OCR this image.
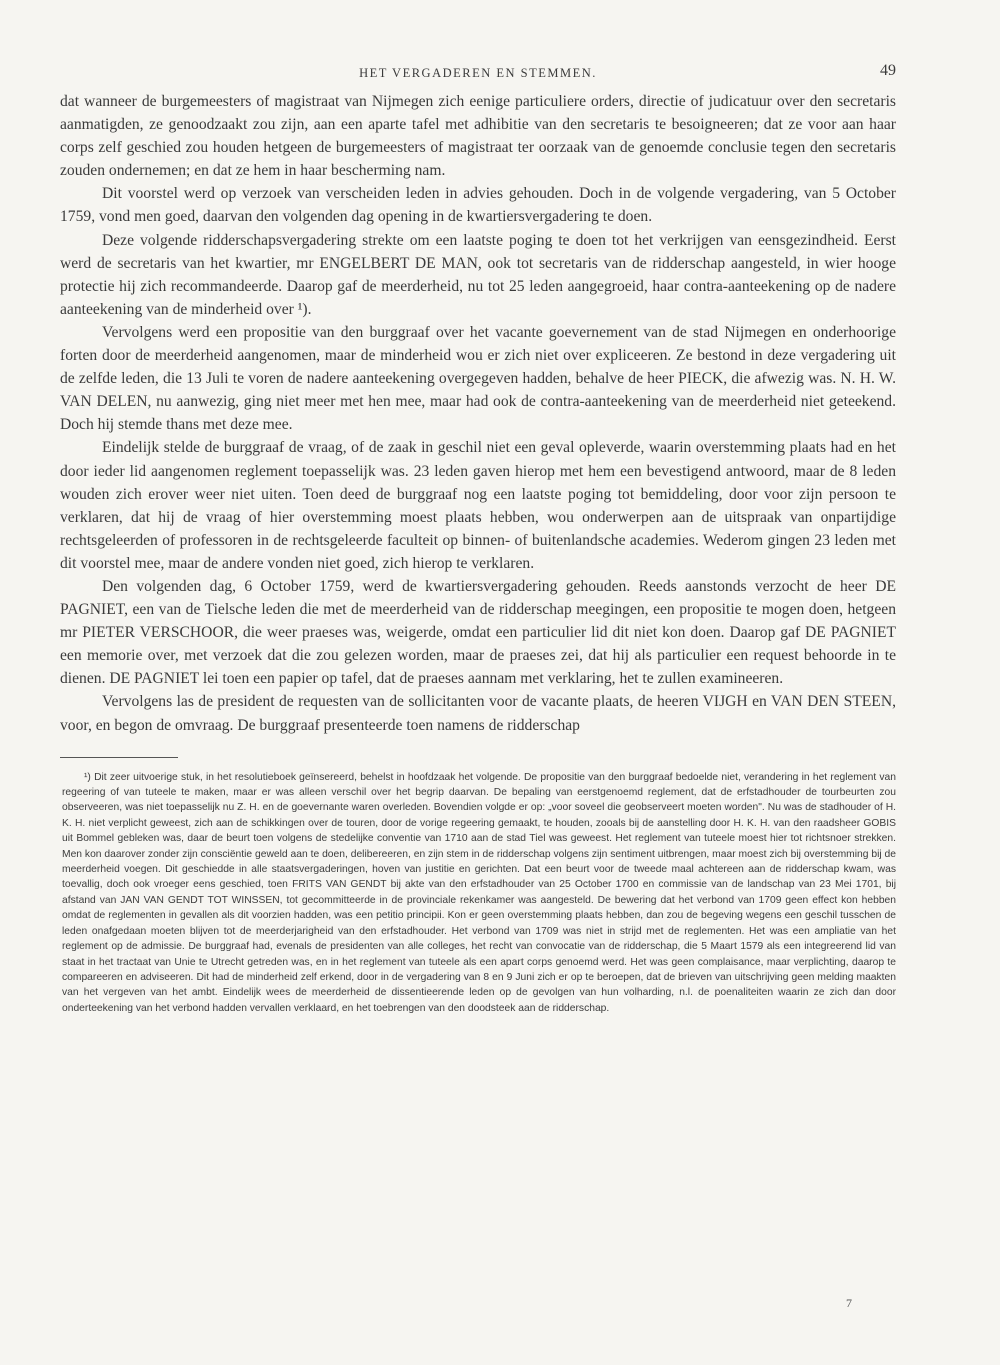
HET VERGADEREN EN STEMMEN.	49

dat wanneer de burgemeesters of magistraat van Nijmegen zich eenige particuliere orders, directie of judicatuur over den secretaris aanmatigden, ze genoodzaakt zou zijn, aan een aparte tafel met adhibitie van den secretaris te besoigneeren; dat ze voor aan haar corps zelf geschied zou houden hetgeen de burgemeesters of magistraat ter oorzaak van de genoemde conclusie tegen den secretaris zouden ondernemen; en dat ze hem in haar bescherming nam.

Dit voorstel werd op verzoek van verscheiden leden in advies gehouden. Doch in de volgende vergadering, van 5 October 1759, vond men goed, daarvan den volgenden dag opening in de kwartiersvergadering te doen.

Deze volgende ridderschapsvergadering strekte om een laatste poging te doen tot het verkrijgen van eensgezindheid. Eerst werd de secretaris van het kwartier, mr ENGELBERT DE MAN, ook tot secretaris van de ridderschap aangesteld, in wier hooge protectie hij zich recommandeerde. Daarop gaf de meerderheid, nu tot 25 leden aangegroeid, haar contra-aanteekening op de nadere aanteekening van de minderheid over ¹).

Vervolgens werd een propositie van den burggraaf over het vacante goevernement van de stad Nijmegen en onderhoorige forten door de meerderheid aangenomen, maar de minderheid wou er zich niet over expliceeren. Ze bestond in deze vergadering uit de zelfde leden, die 13 Juli te voren de nadere aanteekening overgegeven hadden, behalve de heer PIECK, die afwezig was. N. H. W. VAN DELEN, nu aanwezig, ging niet meer met hen mee, maar had ook de contra-aanteekening van de meerderheid niet geteekend. Doch hij stemde thans met deze mee.

Eindelijk stelde de burggraaf de vraag, of de zaak in geschil niet een geval opleverde, waarin overstemming plaats had en het door ieder lid aangenomen reglement toepasselijk was. 23 leden gaven hierop met hem een bevestigend antwoord, maar de 8 leden wouden zich erover weer niet uiten. Toen deed de burggraaf nog een laatste poging tot bemiddeling, door voor zijn persoon te verklaren, dat hij de vraag of hier overstemming moest plaats hebben, wou onderwerpen aan de uitspraak van onpartijdige rechtsgeleerden of professoren in de rechtsgeleerde faculteit op binnen- of buitenlandsche academies. Wederom gingen 23 leden met dit voorstel mee, maar de andere vonden niet goed, zich hierop te verklaren.

Den volgenden dag, 6 October 1759, werd de kwartiersvergadering gehouden. Reeds aanstonds verzocht de heer DE PAGNIET, een van de Tielsche leden die met de meerderheid van de ridderschap meegingen, een propositie te mogen doen, hetgeen mr PIETER VERSCHOOR, die weer praeses was, weigerde, omdat een particulier lid dit niet kon doen. Daarop gaf DE PAGNIET een memorie over, met verzoek dat die zou gelezen worden, maar de praeses zei, dat hij als particulier een request behoorde in te dienen. DE PAGNIET lei toen een papier op tafel, dat de praeses aannam met verklaring, het te zullen examineeren.

Vervolgens las de president de requesten van de sollicitanten voor de vacante plaats, de heeren VIJGH en VAN DEN STEEN, voor, en begon de omvraag. De burggraaf presenteerde toen namens de ridderschap

¹) Dit zeer uitvoerige stuk, in het resolutieboek geïnsereerd, behelst in hoofdzaak het volgende. De propositie van den burggraaf bedoelde niet, verandering in het reglement van regeering of van tuteele te maken, maar er was alleen verschil over het begrip daarvan. De bepaling van eerstgenoemd reglement, dat de erfstadhouder de tourbeurten zou observeeren, was niet toepasselijk nu Z. H. en de goevernante waren overleden. Bovendien volgde er op: „voor soveel die geobserveert moeten worden". Nu was de stadhouder of H. K. H. niet verplicht geweest, zich aan de schikkingen over de touren, door de vorige regeering gemaakt, te houden, zooals bij de aanstelling door H. K. H. van den raadsheer GOBIS uit Bommel gebleken was, daar de beurt toen volgens de stedelijke conventie van 1710 aan de stad Tiel was geweest. Het reglement van tuteele moest hier tot richtsnoer strekken. Men kon daarover zonder zijn consciëntie geweld aan te doen, delibereeren, en zijn stem in de ridderschap volgens zijn sentiment uitbrengen, maar moest zich bij overstemming bij de meerderheid voegen. Dit geschiedde in alle staatsvergaderingen, hoven van justitie en gerichten. Dat een beurt voor de tweede maal achtereen aan de ridderschap kwam, was toevallig, doch ook vroeger eens geschied, toen FRITS VAN GENDT bij akte van den erfstadhouder van 25 October 1700 en commissie van de landschap van 23 Mei 1701, bij afstand van JAN VAN GENDT TOT WINSSEN, tot gecommitteerde in de provinciale rekenkamer was aangesteld. De bewering dat het verbond van 1709 geen effect kon hebben omdat de reglementen in gevallen als dit voorzien hadden, was een petitio principii. Kon er geen overstemming plaats hebben, dan zou de begeving wegens een geschil tusschen de leden onafgedaan moeten blijven tot de meerderjarigheid van den erfstadhouder. Het verbond van 1709 was niet in strijd met de reglementen. Het was een ampliatie van het reglement op de admissie. De burggraaf had, evenals de presidenten van alle colleges, het recht van convocatie van de ridderschap, die 5 Maart 1579 als een integreerend lid van staat in het tractaat van Unie te Utrecht getreden was, en in het reglement van tuteele als een apart corps genoemd werd. Het was geen complaisance, maar verplichting, daarop te compareeren en adviseeren. Dit had de minderheid zelf erkend, door in de vergadering van 8 en 9 Juni zich er op te beroepen, dat de brieven van uitschrijving geen melding maakten van het vergeven van het ambt. Eindelijk wees de meerderheid de dissentieerende leden op de gevolgen van hun volharding, n.l. de poenaliteiten waarin ze zich dan door onderteekening van het verbond hadden vervallen verklaard, en het toebrengen van den doodsteek aan de ridderschap.

7
